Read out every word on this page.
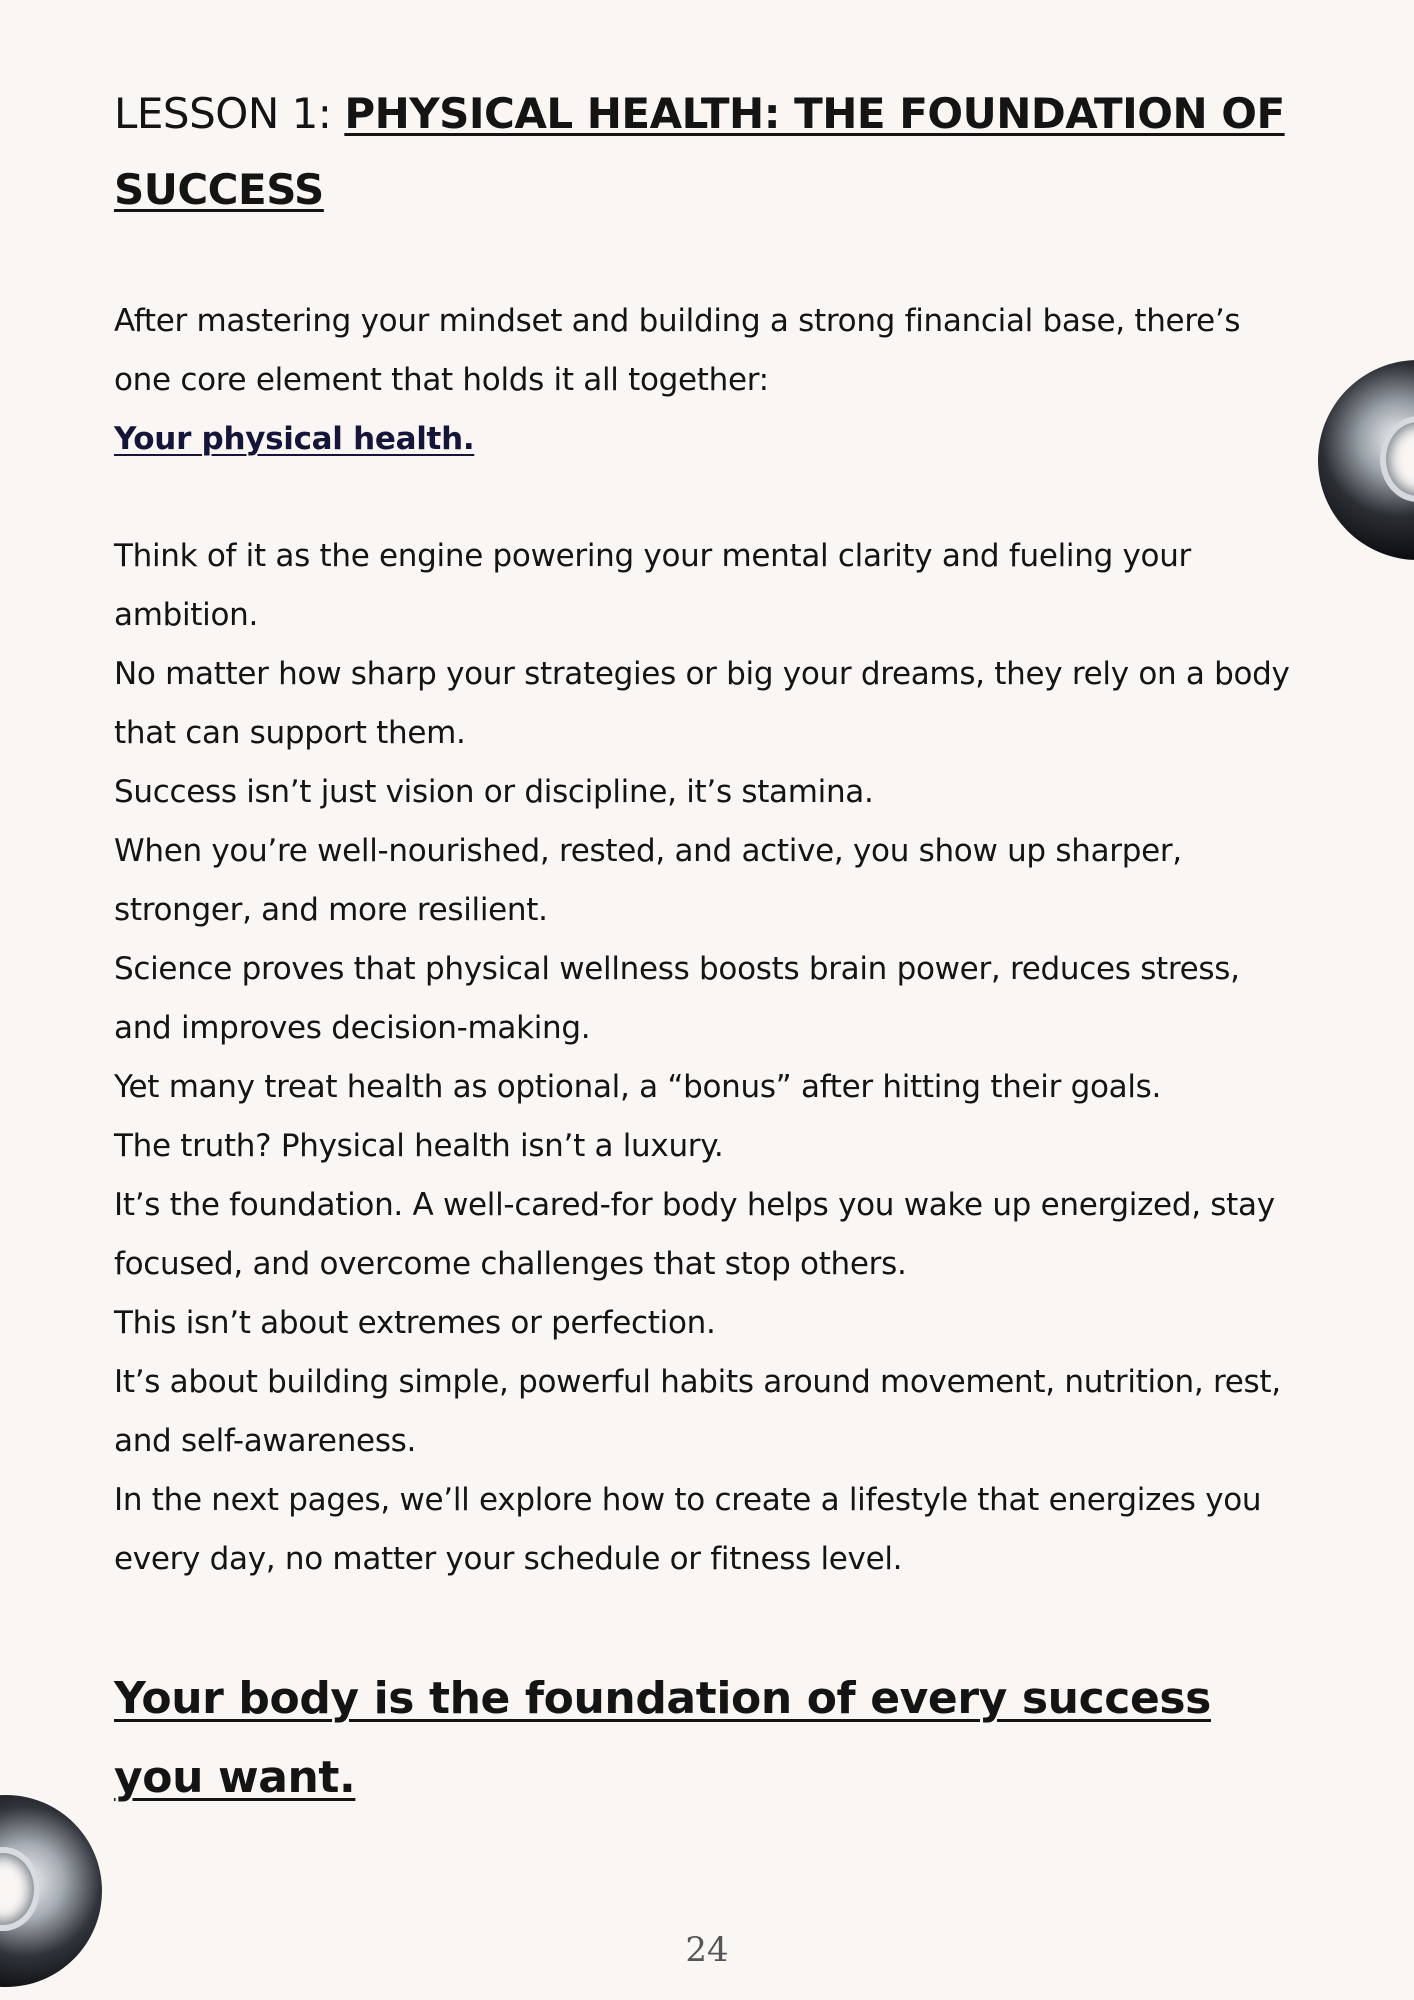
LESSON 1: PHYSICAL HEALTH: THE FOUNDATION OF SUCCESS

After mastering your mindset and building a strong financial base, there’s one core element that holds it all together:

Your physical health.

Think of it as the engine powering your mental clarity and fueling your ambition.

No matter how sharp your strategies or big your dreams, they rely on a body that can support them.

Success isn’t just vision or discipline, it’s stamina.

When you’re well-nourished, rested, and active, you show up sharper, stronger, and more resilient.

Science proves that physical wellness boosts brain power, reduces stress, and improves decision-making.

Yet many treat health as optional, a “bonus” after hitting their goals.

The truth? Physical health isn’t a luxury.

It’s the foundation. A well-cared-for body helps you wake up energized, stay focused, and overcome challenges that stop others.

This isn’t about extremes or perfection.

It’s about building simple, powerful habits around movement, nutrition, rest, and self-awareness.

In the next pages, we’ll explore how to create a lifestyle that energizes you every day, no matter your schedule or fitness level.

Your body is the foundation of every success you want.
24
